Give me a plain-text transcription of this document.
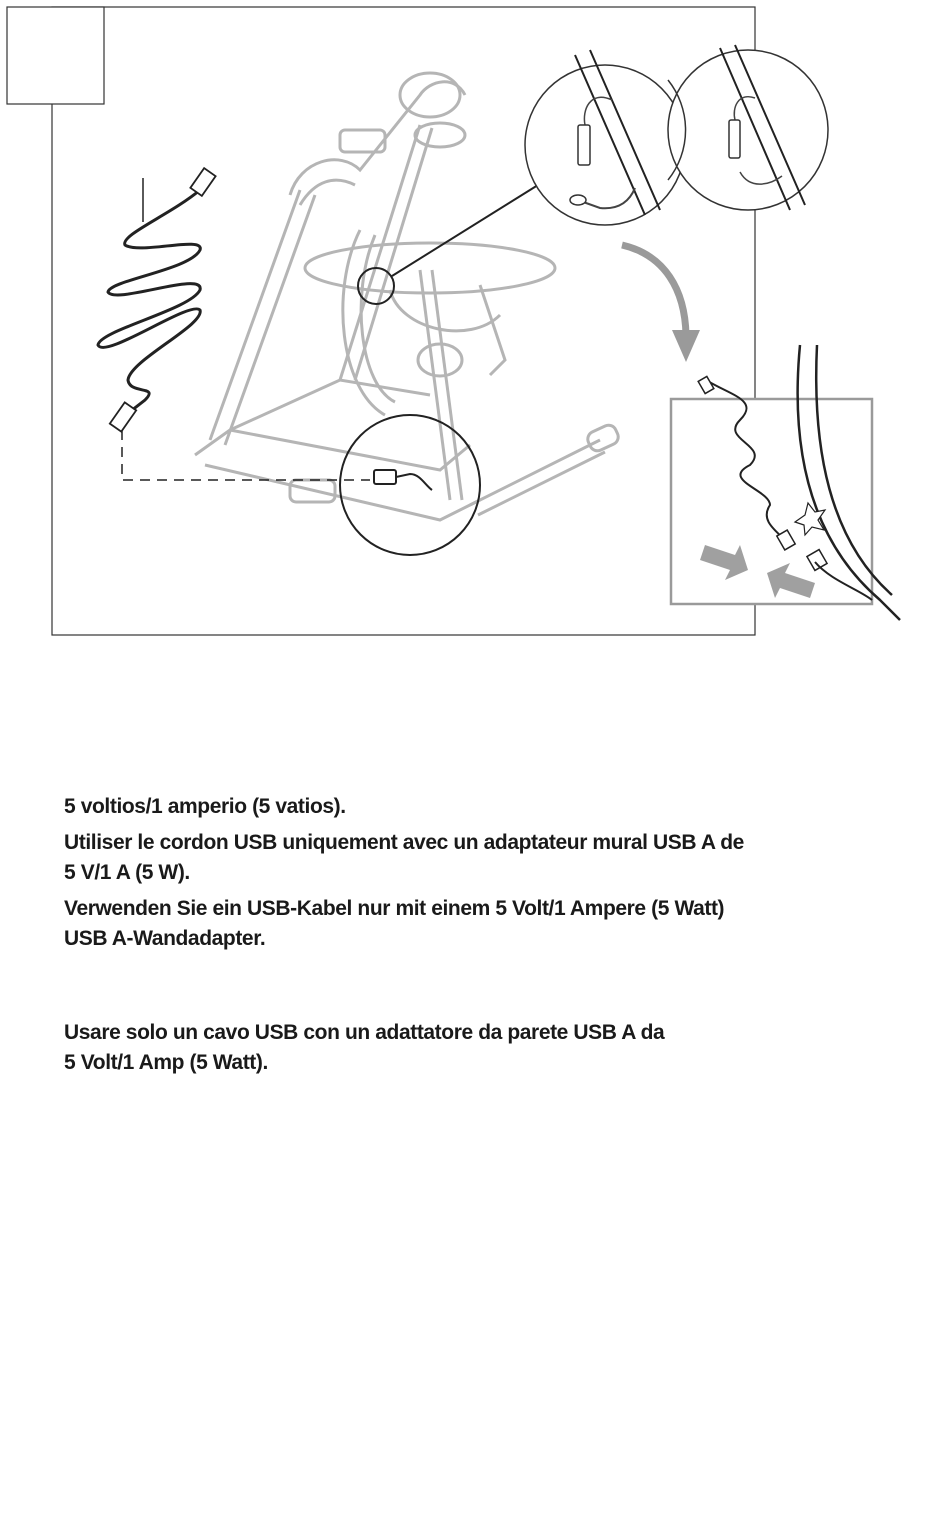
5 voltios/1 amperio (5 vatios).

Utiliser le cordon USB uniquement avec un adaptateur mural USB A de
5 V/1 A (5 W).

Verwenden Sie ein USB-Kabel nur mit einem 5 Volt/1 Ampere (5 Watt)
USB A-Wandadapter.

Usare solo un cavo USB con un adattatore da parete USB A da
5 Volt/1 Amp (5 Watt).
